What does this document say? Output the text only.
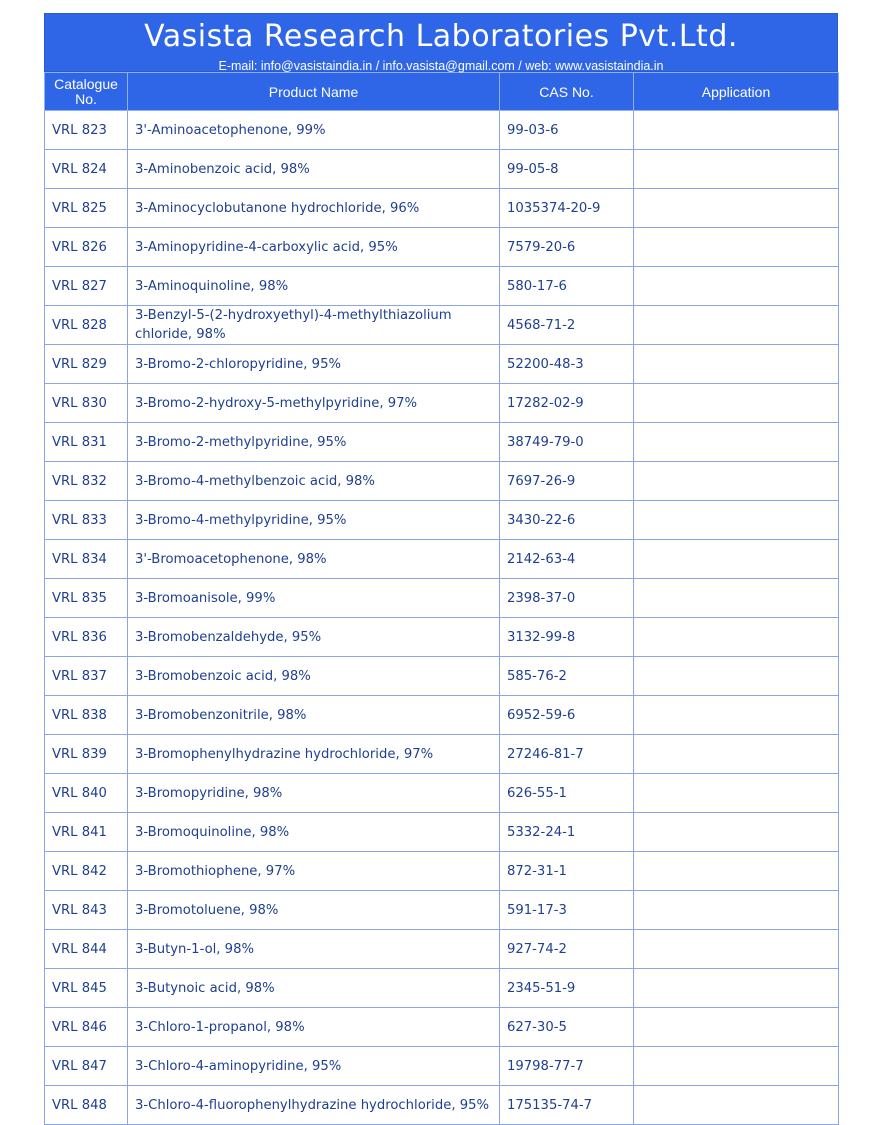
Vasista Research Laboratories Pvt.Ltd.
E-mail: info@vasistaindia.in / info.vasista@gmail.com / web: www.vasistaindia.in
Catalogue No.	Product Name	CAS No.	Application
VRL 823	3'-Aminoacetophenone, 99%	99-03-6	
VRL 824	3-Aminobenzoic acid, 98%	99-05-8	
VRL 825	3-Aminocyclobutanone hydrochloride, 96%	1035374-20-9	
VRL 826	3-Aminopyridine-4-carboxylic acid, 95%	7579-20-6	
VRL 827	3-Aminoquinoline, 98%	580-17-6	
VRL 828	3-Benzyl-5-(2-hydroxyethyl)-4-methylthiazolium chloride, 98%	4568-71-2	
VRL 829	3-Bromo-2-chloropyridine, 95%	52200-48-3	
VRL 830	3-Bromo-2-hydroxy-5-methylpyridine, 97%	17282-02-9	
VRL 831	3-Bromo-2-methylpyridine, 95%	38749-79-0	
VRL 832	3-Bromo-4-methylbenzoic acid, 98%	7697-26-9	
VRL 833	3-Bromo-4-methylpyridine, 95%	3430-22-6	
VRL 834	3'-Bromoacetophenone, 98%	2142-63-4	
VRL 835	3-Bromoanisole, 99%	2398-37-0	
VRL 836	3-Bromobenzaldehyde, 95%	3132-99-8	
VRL 837	3-Bromobenzoic acid, 98%	585-76-2	
VRL 838	3-Bromobenzonitrile, 98%	6952-59-6	
VRL 839	3-Bromophenylhydrazine hydrochloride, 97%	27246-81-7	
VRL 840	3-Bromopyridine, 98%	626-55-1	
VRL 841	3-Bromoquinoline, 98%	5332-24-1	
VRL 842	3-Bromothiophene, 97%	872-31-1	
VRL 843	3-Bromotoluene, 98%	591-17-3	
VRL 844	3-Butyn-1-ol, 98%	927-74-2	
VRL 845	3-Butynoic acid, 98%	2345-51-9	
VRL 846	3-Chloro-1-propanol, 98%	627-30-5	
VRL 847	3-Chloro-4-aminopyridine, 95%	19798-77-7	
VRL 848	3-Chloro-4-fluorophenylhydrazine hydrochloride, 95%	175135-74-7	
